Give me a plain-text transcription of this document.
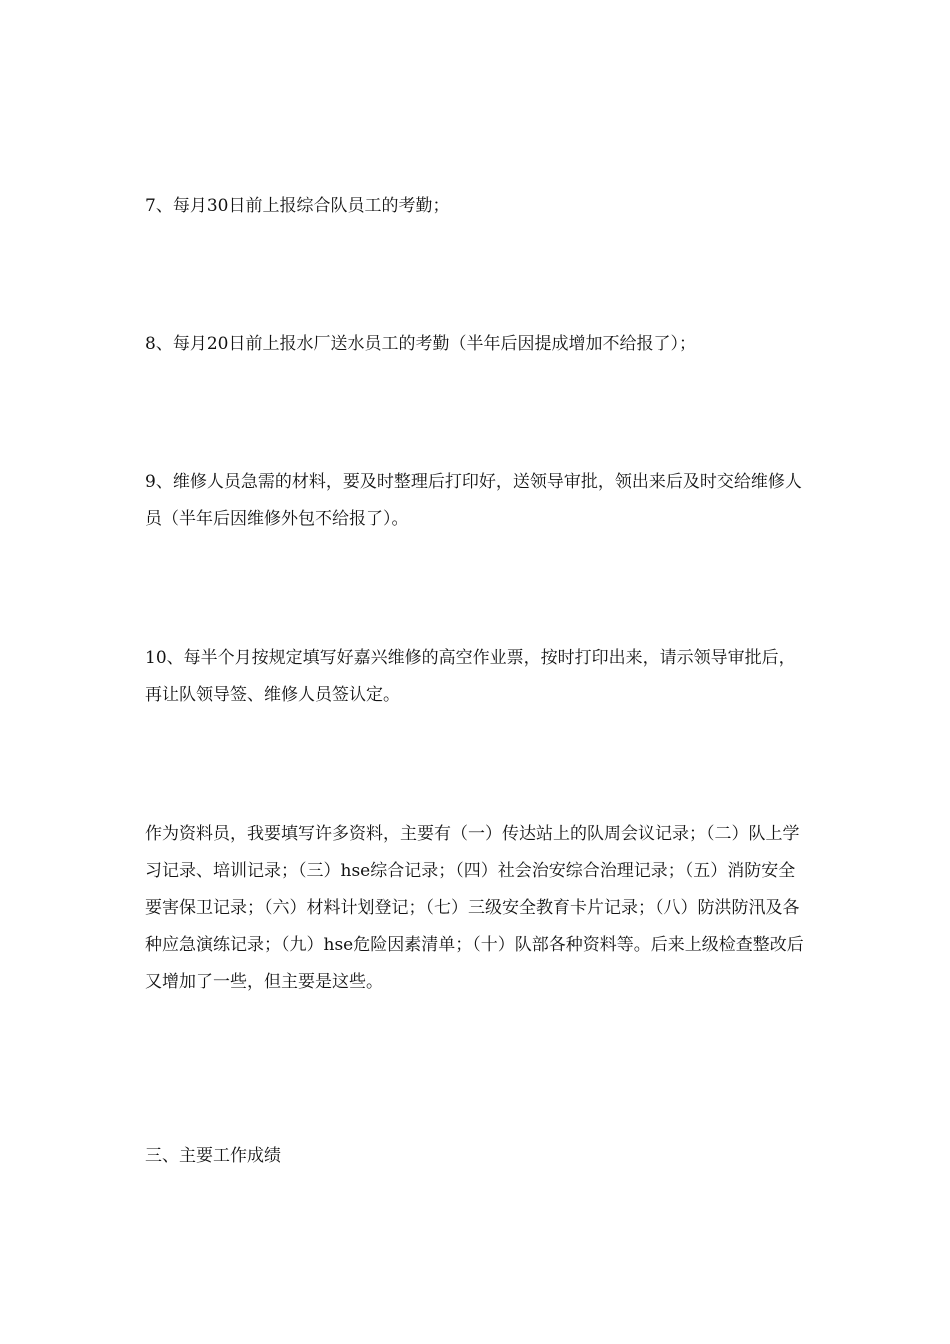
7、每月30日前上报综合队员工的考勤；

8、每月20日前上报水厂送水员工的考勤（半年后因提成增加不给报了）；

9、维修人员急需的材料，要及时整理后打印好，送领导审批，领出来后及时交给维修人员（半年后因维修外包不给报了）。

10、每半个月按规定填写好嘉兴维修的高空作业票，按时打印出来，请示领导审批后，再让队领导签、维修人员签认定。

作为资料员，我要填写许多资料，主要有（一）传达站上的队周会议记录；（二）队上学习记录、培训记录；（三）hse综合记录；（四）社会治安综合治理记录；（五）消防安全要害保卫记录；（六）材料计划登记；（七）三级安全教育卡片记录；（八）防洪防汛及各种应急演练记录；（九）hse危险因素清单；（十）队部各种资料等。后来上级检查整改后又增加了一些，但主要是这些。

三、主要工作成绩
